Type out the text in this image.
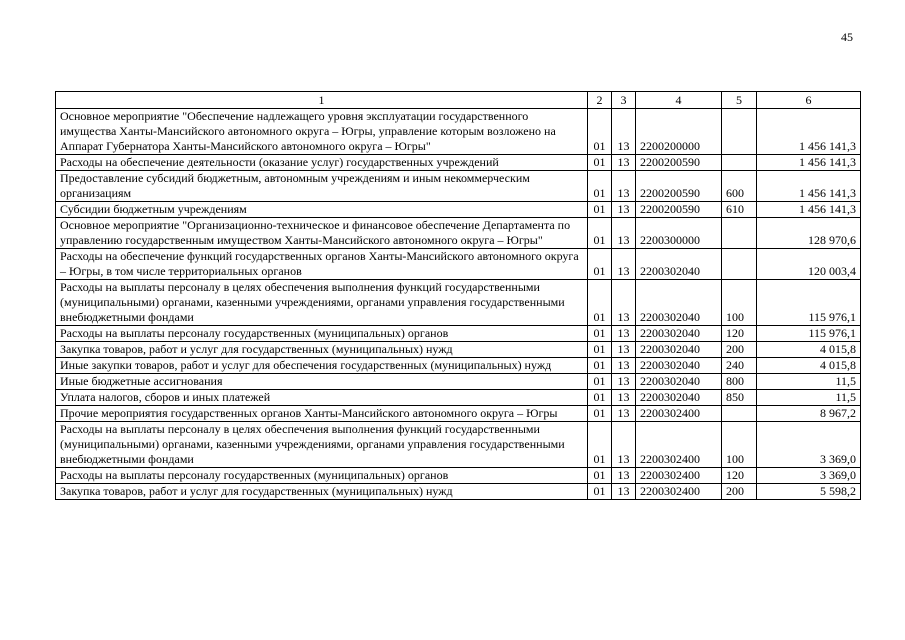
45
1	2	3	4	5	6
Основное мероприятие "Обеспечение надлежащего уровня эксплуатации государственного имущества Ханты-Мансийского автономного округа – Югры, управление которым возложено на Аппарат Губернатора Ханты-Мансийского автономного округа – Югры"	01	13	2200200000		1 456 141,3
Расходы на обеспечение деятельности (оказание услуг) государственных учреждений	01	13	2200200590		1 456 141,3
Предоставление субсидий бюджетным, автономным учреждениям и иным некоммерческим организациям	01	13	2200200590	600	1 456 141,3
Субсидии бюджетным учреждениям	01	13	2200200590	610	1 456 141,3
Основное мероприятие "Организационно-техническое и финансовое обеспечение Департамента по управлению государственным имуществом Ханты-Мансийского автономного округа – Югры"	01	13	2200300000		128 970,6
Расходы на обеспечение функций государственных органов Ханты-Мансийского автономного округа – Югры, в том числе территориальных органов	01	13	2200302040		120 003,4
Расходы на выплаты персоналу в целях обеспечения выполнения функций государственными (муниципальными) органами, казенными учреждениями, органами управления государственными внебюджетными фондами	01	13	2200302040	100	115 976,1
Расходы на выплаты персоналу государственных (муниципальных) органов	01	13	2200302040	120	115 976,1
Закупка товаров, работ и услуг для государственных (муниципальных) нужд	01	13	2200302040	200	4 015,8
Иные закупки товаров, работ и услуг для обеспечения государственных (муниципальных) нужд	01	13	2200302040	240	4 015,8
Иные бюджетные ассигнования	01	13	2200302040	800	11,5
Уплата налогов, сборов и иных платежей	01	13	2200302040	850	11,5
Прочие мероприятия государственных органов Ханты-Мансийского автономного округа – Югры	01	13	2200302400		8 967,2
Расходы на выплаты персоналу в целях обеспечения выполнения функций государственными (муниципальными) органами, казенными учреждениями, органами управления государственными внебюджетными фондами	01	13	2200302400	100	3 369,0
Расходы на выплаты персоналу государственных (муниципальных) органов	01	13	2200302400	120	3 369,0
Закупка товаров, работ и услуг для государственных (муниципальных) нужд	01	13	2200302400	200	5 598,2
